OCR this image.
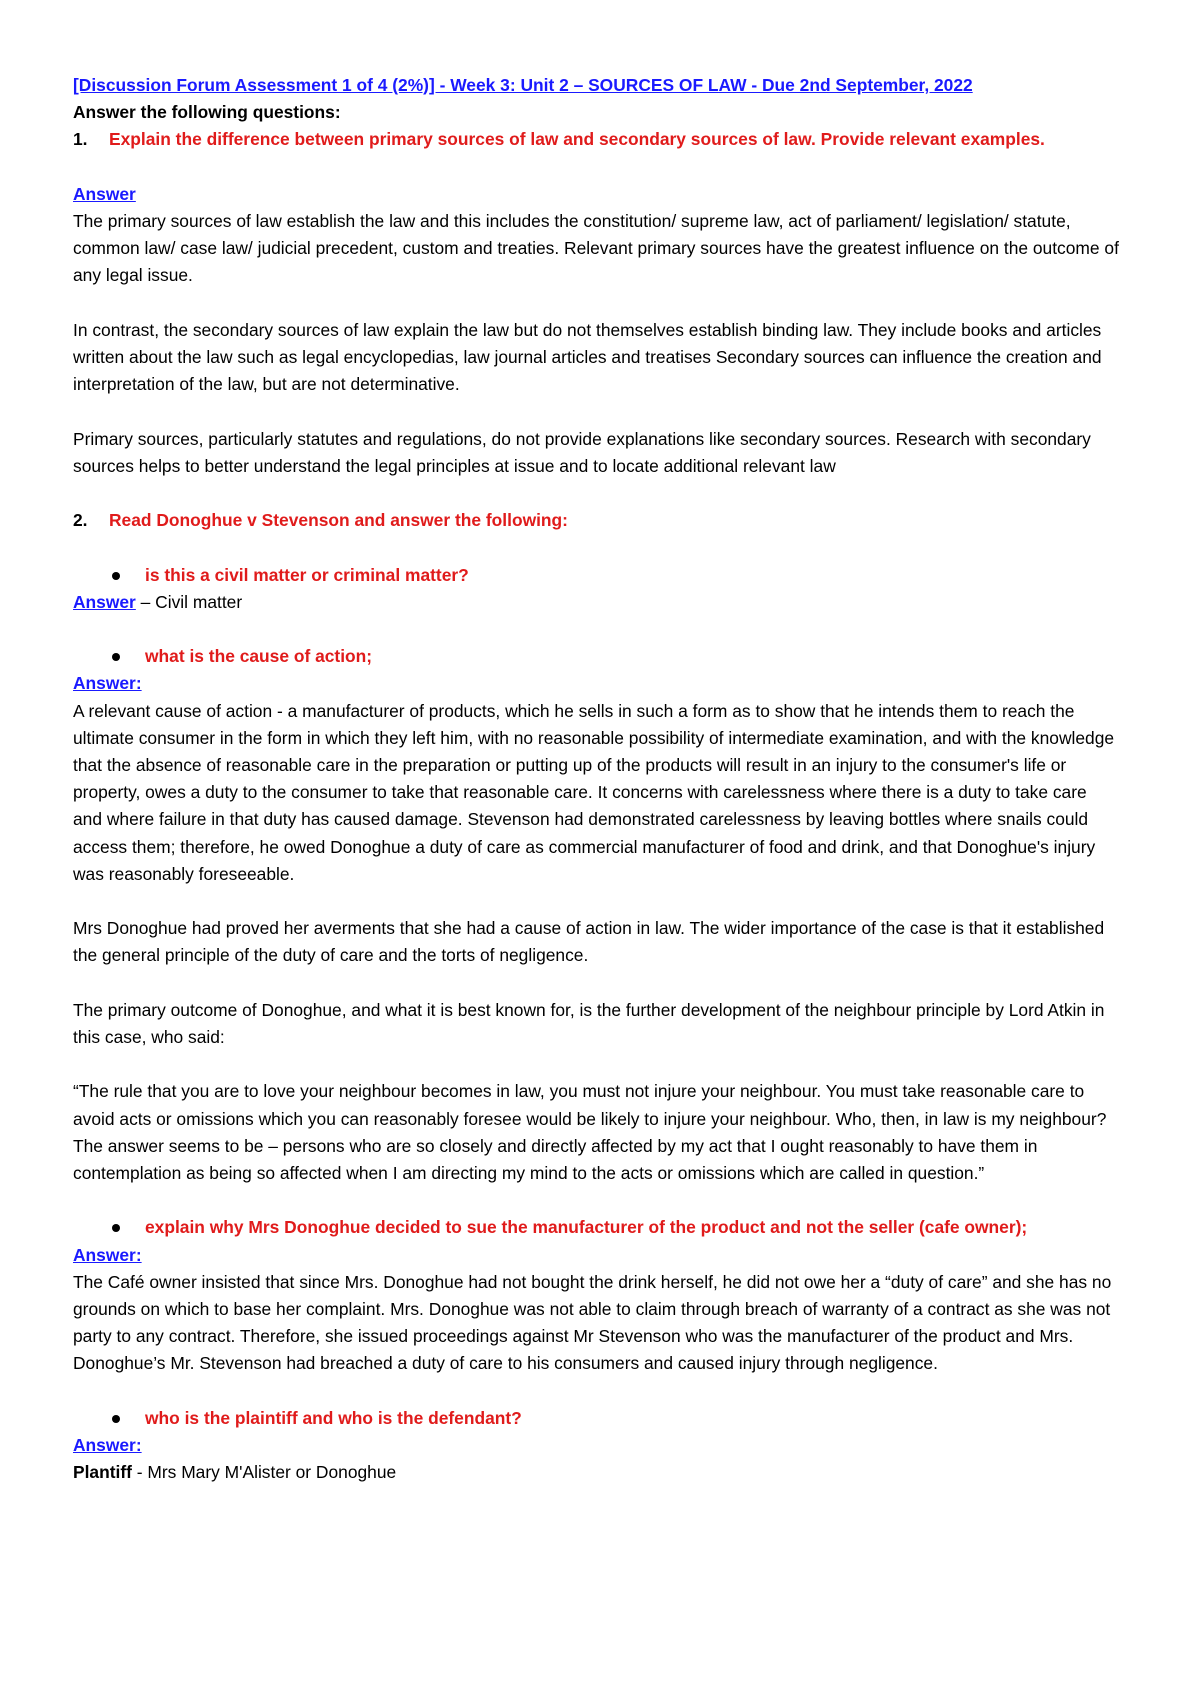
[Discussion Forum Assessment 1 of 4 (2%)] - Week 3: Unit 2 – SOURCES OF LAW - Due 2nd September, 2022
Answer the following questions:
1.	Explain the difference between primary sources of law and secondary sources of law. Provide relevant examples.
Answer

The primary sources of law establish the law and this includes the constitution/ supreme law, act of parliament/ legislation/ statute, common law/ case law/ judicial precedent, custom and treaties. Relevant primary sources have the greatest influence on the outcome of any legal issue.

In contrast, the secondary sources of law explain the law but do not themselves establish binding law. They include books and articles written about the law such as legal encyclopedias, law journal articles and treatises Secondary sources can influence the creation and interpretation of the law, but are not determinative.

Primary sources, particularly statutes and regulations, do not provide explanations like secondary sources. Research with secondary sources helps to better understand the legal principles at issue and to locate additional relevant law

2.	Read Donoghue v Stevenson and answer the following:
is this a civil matter or criminal matter?
Answer – Civil matter
what is the cause of action;
Answer:

A relevant cause of action - a manufacturer of products, which he sells in such a form as to show that he intends them to reach the ultimate consumer in the form in which they left him, with no reasonable possibility of intermediate examination, and with the knowledge that the absence of reasonable care in the preparation or putting up of the products will result in an injury to the consumer's life or property, owes a duty to the consumer to take that reasonable care. It concerns with carelessness where there is a duty to take care and where failure in that duty has caused damage. Stevenson had demonstrated carelessness by leaving bottles where snails could access them; therefore, he owed Donoghue a duty of care as commercial manufacturer of food and drink, and that Donoghue's injury was reasonably foreseeable.

Mrs Donoghue had proved her averments that she had a cause of action in law. The wider importance of the case is that it established the general principle of the duty of care and the torts of negligence.

The primary outcome of Donoghue, and what it is best known for, is the further development of the neighbour principle by Lord Atkin in this case, who said:

“The rule that you are to love your neighbour becomes in law, you must not injure your neighbour. You must take reasonable care to avoid acts or omissions which you can reasonably foresee would be likely to injure your neighbour. Who, then, in law is my neighbour? The answer seems to be – persons who are so closely and directly affected by my act that I ought reasonably to have them in contemplation as being so affected when I am directing my mind to the acts or omissions which are called in question.”

explain why Mrs Donoghue decided to sue the manufacturer of the product and not the seller (cafe owner);
Answer:

The Café owner insisted that since Mrs. Donoghue had not bought the drink herself, he did not owe her a “duty of care” and she has no grounds on which to base her complaint. Mrs. Donoghue was not able to claim through breach of warranty of a contract as she was not party to any contract. Therefore, she issued proceedings against Mr Stevenson who was the manufacturer of the product and Mrs. Donoghue’s Mr. Stevenson had breached a duty of care to his consumers and caused injury through negligence.

who is the plaintiff and who is the defendant?
Answer:
Plantiff - Mrs Mary M'Alister or Donoghue
